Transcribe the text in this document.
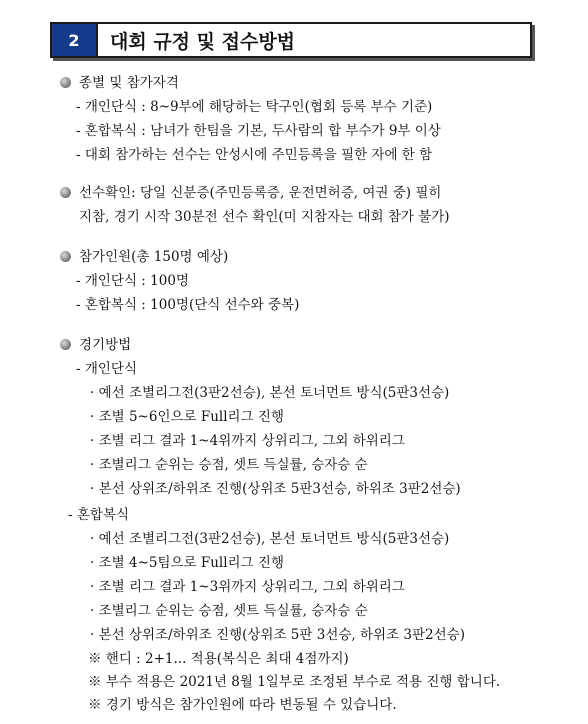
2	대회 규정 및 접수방법
종별 및 참가자격
- 개인단식 : 8~9부에 해당하는 탁구인(협회 등록 부수 기준)
- 혼합복식 : 남녀가 한팀을 기본, 두사람의 합 부수가 9부 이상
- 대회 참가하는 선수는 안성시에 주민등록을 필한 자에 한 함
선수확인: 당일 신분증(주민등록증, 운전면허증, 여권 중) 필히
지참, 경기 시작 30분전 선수 확인(미 지참자는 대회 참가 불가)
참가인원(총 150명 예상)
- 개인단식 : 100명
- 혼합복식 : 100명(단식 선수와 중복)
경기방법
- 개인단식
· 예선 조별리그전(3판2선승), 본선 토너먼트 방식(5판3선승)
· 조별 5~6인으로 Full리그 진행
· 조별 리그 결과 1~4위까지 상위리그, 그외 하위리그
· 조별리그 순위는 승점, 셋트 득실률, 승자승 순
· 본선 상위조/하위조 진행(상위조 5판3선승, 하위조 3판2선승)
- 혼합복식
· 예선 조별리그전(3판2선승), 본선 토너먼트 방식(5판3선승)
· 조별 4~5팀으로 Full리그 진행
· 조별 리그 결과 1~3위까지 상위리그, 그외 하위리그
· 조별리그 순위는 승점, 셋트 득실률, 승자승 순
· 본선 상위조/하위조 진행(상위조 5판 3선승, 하위조 3판2선승)
※ 핸디 : 2+1... 적용(복식은 최대 4점까지)
※ 부수 적용은 2021년 8월 1일부로 조정된 부수로 적용 진행 합니다.
※ 경기 방식은 참가인원에 따라 변동될 수 있습니다.
